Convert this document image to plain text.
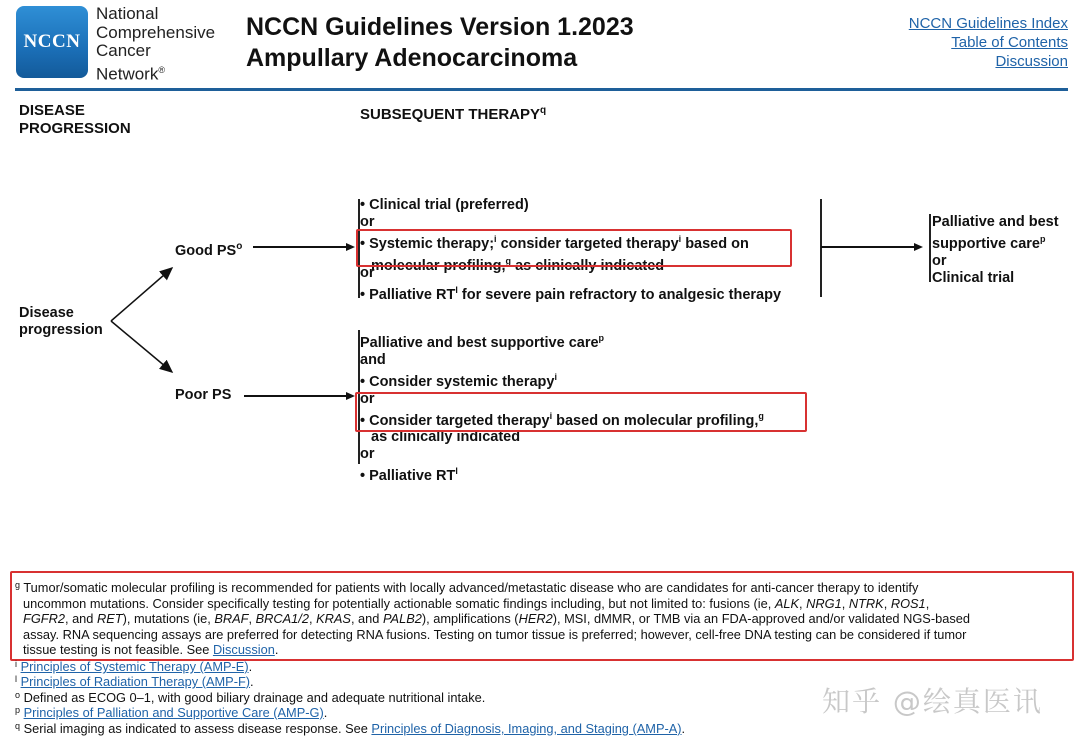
NCCN
National
Comprehensive
Cancer
Network®
NCCN Guidelines Version 1.2023
Ampullary Adenocarcinoma
NCCN Guidelines Index
Table of Contents
Discussion
DISEASE
PROGRESSION
SUBSEQUENT THERAPY$^q$
Disease
progression
Good $PS^o$
• Clinical trial (preferred)
or
• Systemic therapy;$^i$ consider targeted therapy$^i$ based on
molecular profiling,$^g$ as clinically indicated
or
• Palliative $RT^l$ for severe pain refractory to analgesic therapy
Palliative and best
supportive care$^p$
or
Clinical trial
Poor PS
Palliative and best supportive care$^p$
and
• Consider systemic therapy$^i$
or
• Consider targeted therapy$^i$ based on molecular profiling,$^g$
as clinically indicated
or
• Palliative $RT^l$
$^g$ Tumor/somatic molecular profiling is recommended for patients with locally advanced/metastatic disease who are candidates for anti-cancer therapy to identify
uncommon mutations. Consider specifically testing for potentially actionable somatic findings including, but not limited to: fusions (ie, ALK, NRG1, NTRK, ROS1,
FGFR2, and RET), mutations (ie, BRAF, BRCA1/2, KRAS, and PALB2), amplifications (HER2), MSI, dMMR, or TMB via an FDA-approved and/or validated NGS-based
assay. RNA sequencing assays are preferred for detecting RNA fusions. Testing on tumor tissue is preferred; however, cell-free DNA testing can be considered if tumor
tissue testing is not feasible. See Discussion.
$^i$ Principles of Systemic Therapy (AMP-E).
$^l$ Principles of Radiation Therapy (AMP-F).
$^o$ Defined as ECOG 0–1, with good biliary drainage and adequate nutritional intake.
$^p$ Principles of Palliation and Supportive Care (AMP-G).
$^q$ Serial imaging as indicated to assess disease response. See Principles of Diagnosis, Imaging, and Staging (AMP-A).
知乎 @绘真医讯
